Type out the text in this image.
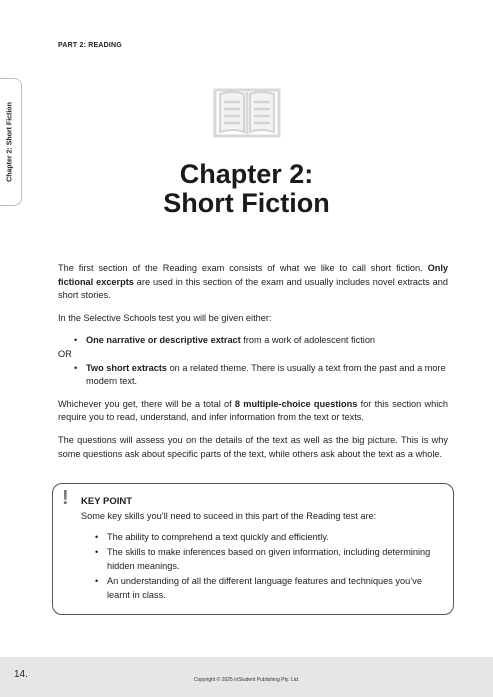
PART 2: READING
Chapter 2: Short Fiction	Chapter 2:
Short Fiction

The first section of the Reading exam consists of what we like to call short fiction. Only fictional excerpts are used in this section of the exam and usually includes novel extracts and short stories.

In the Selective Schools test you will be given either:

• One narrative or descriptive extract from a work of adolescent fiction

OR

• Two short extracts on a related theme. There is usually a text from the past and a more modern text.

Whichever you get, there will be a total of 8 multiple-choice questions for this section which require you to read, understand, and infer information from the text or texts.

The questions will assess you on the details of the text as well as the big picture. This is why some questions ask about specific parts of the text, while others ask about the text as a whole.

! KEY POINT
Some key skills you’ll need to suceed in this part of the Reading test are:
• The ability to comprehend a text quickly and efficiently.
• The skills to make inferences based on given information, including determining hidden meanings.
• An understanding of all the different language features and techniques you’ve learnt in class.
14.	Copyright © 2025 inStudent Publishing Pty. Ltd.
